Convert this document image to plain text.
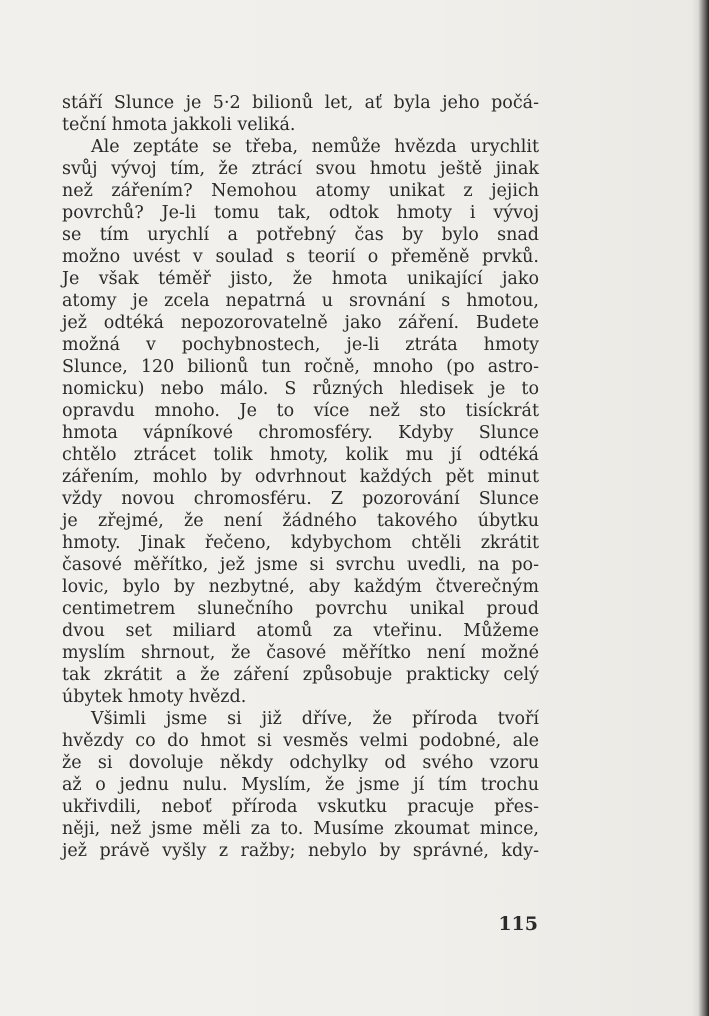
stáří Slunce je 5·2 bilionů let, ať byla jeho počá-
teční hmota jakkoli veliká.
Ale zeptáte se třeba, nemůže hvězda urychlit
svůj vývoj tím, že ztrácí svou hmotu ještě jinak
než zářením? Nemohou atomy unikat z jejich
povrchů? Je-li tomu tak, odtok hmoty i vývoj
se tím urychlí a potřebný čas by bylo snad
možno uvést v soulad s teorií o přeměně prvků.
Je však téměř jisto, že hmota unikající jako
atomy je zcela nepatrná u srovnání s hmotou,
jež odtéká nepozorovatelně jako záření. Budete
možná v pochybnostech, je-li ztráta hmoty
Slunce, 120 bilionů tun ročně, mnoho (po astro-
nomicku) nebo málo. S různých hledisek je to
opravdu mnoho. Je to více než sto tisíckrát
hmota vápníkové chromosféry. Kdyby Slunce
chtělo ztrácet tolik hmoty, kolik mu jí odtéká
zářením, mohlo by odvrhnout každých pět minut
vždy novou chromosféru. Z pozorování Slunce
je zřejmé, že není žádného takového úbytku
hmoty. Jinak řečeno, kdybychom chtěli zkrátit
časové měřítko, jež jsme si svrchu uvedli, na po-
lovic, bylo by nezbytné, aby každým čtverečným
centimetrem slunečního povrchu unikal proud
dvou set miliard atomů za vteřinu. Můžeme
myslím shrnout, že časové měřítko není možné
tak zkrátit a že záření způsobuje prakticky celý
úbytek hmoty hvězd.
Všimli jsme si již dříve, že příroda tvoří
hvězdy co do hmot si vesměs velmi podobné, ale
že si dovoluje někdy odchylky od svého vzoru
až o jednu nulu. Myslím, že jsme jí tím trochu
ukřivdili, neboť příroda vskutku pracuje přes-
něji, než jsme měli za to. Musíme zkoumat mince,
jež právě vyšly z ražby; nebylo by správné, kdy-
115
